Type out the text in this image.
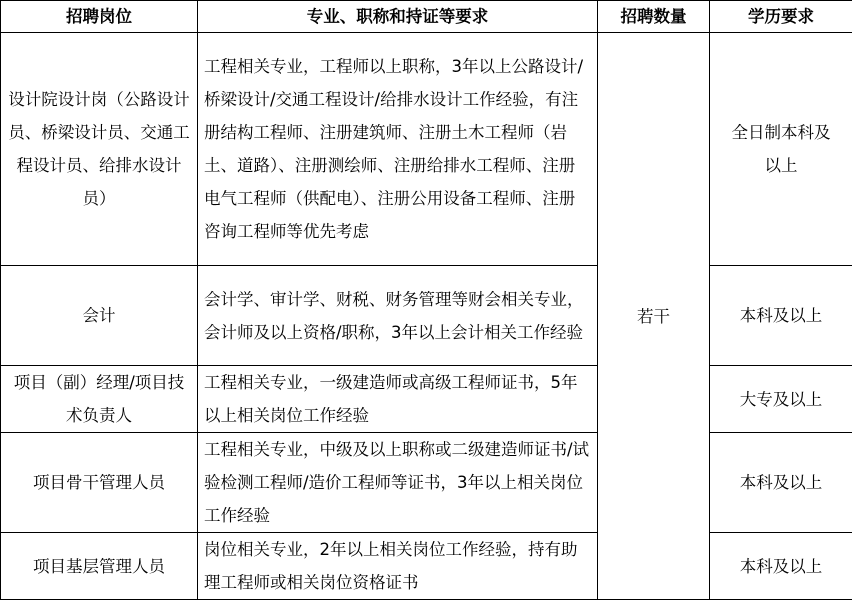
招聘岗位	专业、职称和持证等要求	招聘数量	学历要求
设计院设计岗（公路设计员、桥梁设计员、交通工程设计员、给排水设计员）	工程相关专业，工程师以上职称，3年以上公路设计/桥梁设计/交通工程设计/给排水设计工作经验，有注册结构工程师、注册建筑师、注册土木工程师（岩土、道路）、注册测绘师、注册给排水工程师、注册电气工程师（供配电）、注册公用设备工程师、注册咨询工程师等优先考虑	若干	全日制本科及以上
会计	会计学、审计学、财税、财务管理等财会相关专业，会计师及以上资格/职称，3年以上会计相关工作经验		本科及以上
项目（副）经理/项目技术负责人	工程相关专业，一级建造师或高级工程师证书，5年以上相关岗位工作经验		大专及以上
项目骨干管理人员	工程相关专业，中级及以上职称或二级建造师证书/试验检测工程师/造价工程师等证书，3年以上相关岗位工作经验		本科及以上
项目基层管理人员	岗位相关专业，2年以上相关岗位工作经验，持有助理工程师或相关岗位资格证书		本科及以上
